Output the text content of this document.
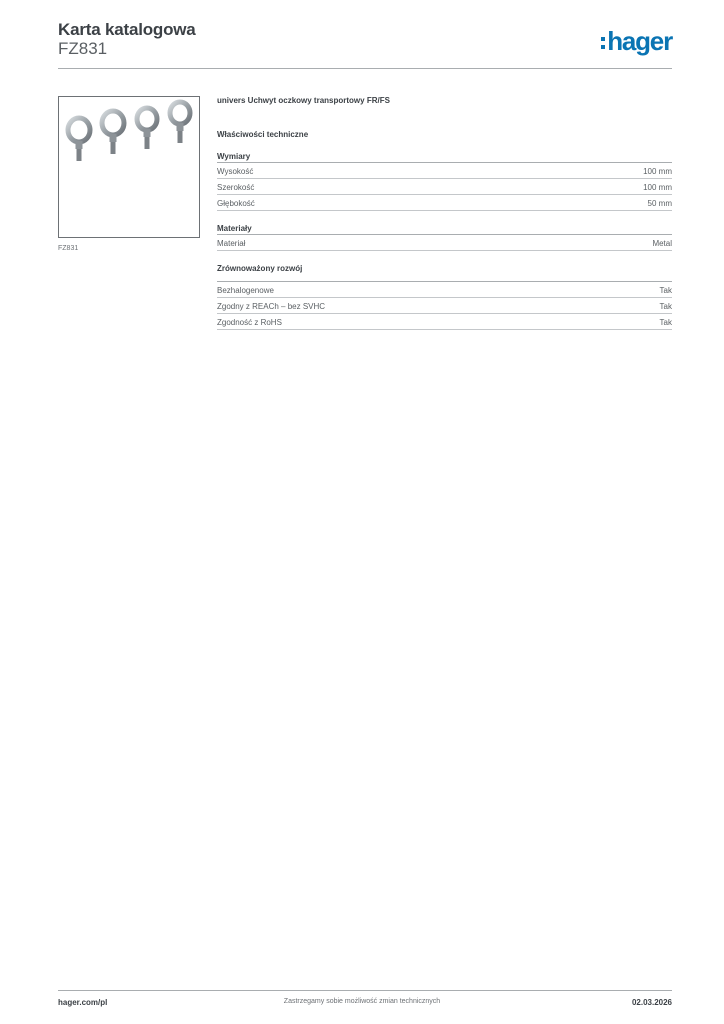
Karta katalogowa
FZ831	hager
FZ831
univers Uchwyt oczkowy transportowy FR/FS
Właściwości techniczne
Wymiary
Wysokość	100 mm
Szerokość	100 mm
Głębokość	50 mm
Materiały
Materiał	Metal
Zrównoważony rozwój
Bezhalogenowe	Tak
Zgodny z REACh – bez SVHC	Tak
Zgodność z RoHS	Tak
hager.com/pl	Zastrzegamy sobie możliwość zmian technicznych	02.03.2026
